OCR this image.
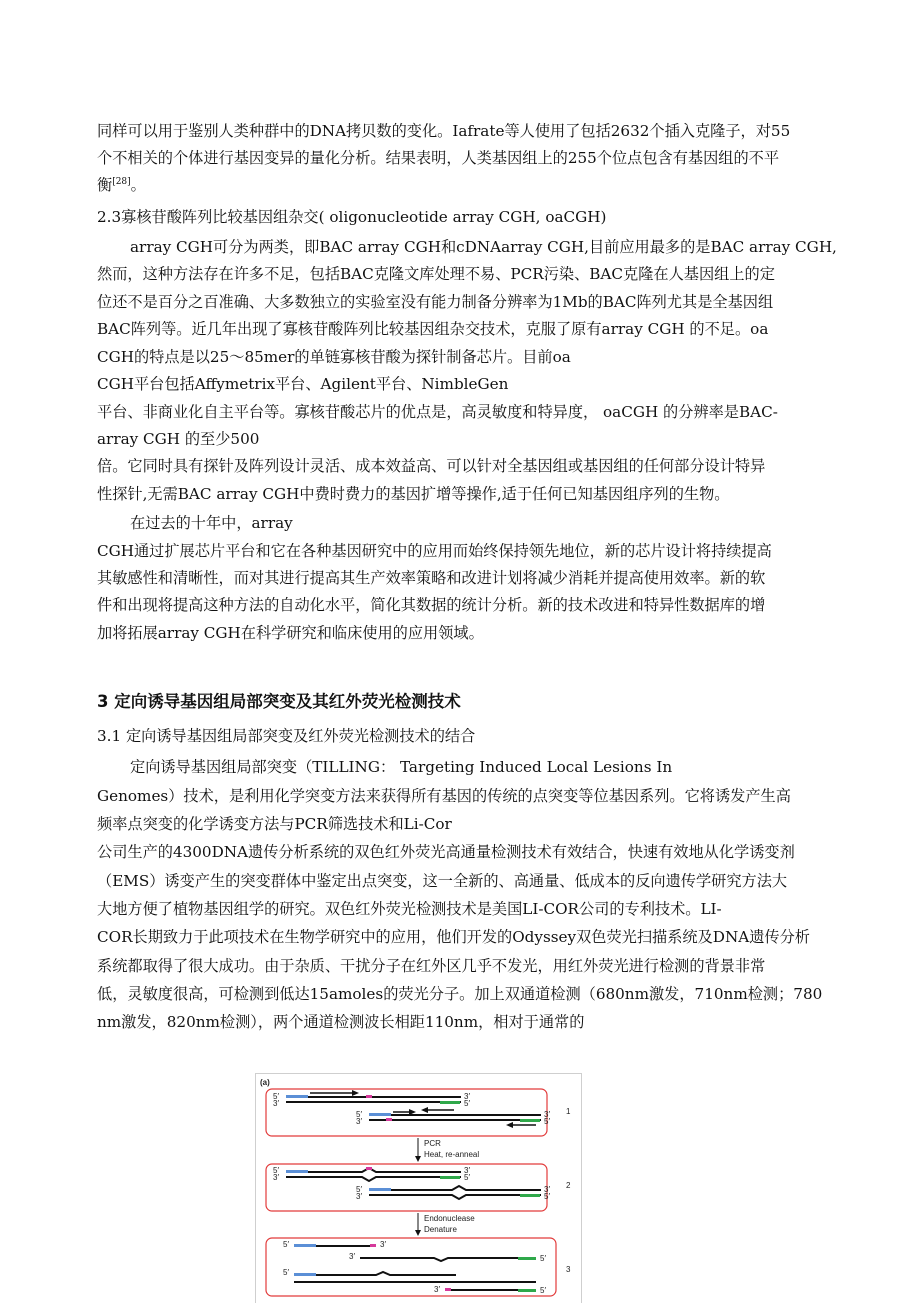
同样可以用于鉴别人类种群中的DNA拷贝数的变化。Iafrate等人使用了包括2632个插入克隆子，对55
个不相关的个体进行基因变异的量化分析。结果表明，人类基因组上的255个位点包含有基因组的不平
衡[28]。
2.3寡核苷酸阵列比较基因组杂交( oligonucleotide array CGH, oaCGH)
array CGH可分为两类，即BAC array CGH和cDNAarray CGH,目前应用最多的是BAC array CGH,
然而，这种方法存在许多不足，包括BAC克隆文库处理不易、PCR污染、BAC克隆在人基因组上的定
位还不是百分之百准确、大多数独立的实验室没有能力制备分辨率为1Mb的BAC阵列尤其是全基因组
BAC阵列等。近几年出现了寡核苷酸阵列比较基因组杂交技术，克服了原有array CGH 的不足。oa
CGH的特点是以25～85mer的单链寡核苷酸为探针制备芯片。目前oa
CGH平台包括Affymetrix平台、Agilent平台、NimbleGen
平台、非商业化自主平台等。寡核苷酸芯片的优点是，高灵敏度和特异度， oaCGH 的分辨率是BAC-
array CGH 的至少500
倍。它同时具有探针及阵列设计灵活、成本效益高、可以针对全基因组或基因组的任何部分设计特异
性探针,无需BAC array CGH中费时费力的基因扩增等操作,适于任何已知基因组序列的生物。
在过去的十年中，array
CGH通过扩展芯片平台和它在各种基因研究中的应用而始终保持领先地位，新的芯片设计将持续提高
其敏感性和清晰性，而对其进行提高其生产效率策略和改进计划将减少消耗并提高使用效率。新的软
件和出现将提高这种方法的自动化水平，简化其数据的统计分析。新的技术改进和特异性数据库的增
加将拓展array CGH在科学研究和临床使用的应用领域。
3 定向诱导基因组局部突变及其红外荧光检测技术
3.1 定向诱导基因组局部突变及红外荧光检测技术的结合
定向诱导基因组局部突变（TILLING： Targeting Induced Local Lesions In
Genomes）技术，是利用化学突变方法来获得所有基因的传统的点突变等位基因系列。它将诱发产生高
频率点突变的化学诱变方法与PCR筛选技术和Li-Cor
公司生产的4300DNA遗传分析系统的双色红外荧光高通量检测技术有效结合，快速有效地从化学诱变剂
（EMS）诱变产生的突变群体中鉴定出点突变，这一全新的、高通量、低成本的反向遗传学研究方法大
大地方便了植物基因组学的研究。双色红外荧光检测技术是美国LI-COR公司的专利技术。LI-
COR长期致力于此项技术在生物学研究中的应用，他们开发的Odyssey双色荧光扫描系统及DNA遗传分析
系统都取得了很大成功。由于杂质、干扰分子在红外区几乎不发光，用红外荧光进行检测的背景非常
低，灵敏度很高，可检测到低达15amoles的荧光分子。加上双通道检测（680nm激发，710nm检测；780
nm激发，820nm检测），两个通道检测波长相距110nm，相对于通常的
(a)
5′
3′
3′
5′
5′
3′
3′
5′
1
PCR
Heat, re-anneal
5′
3′
3′
5′
5′
3′
3′
5′
2
Endonuclease
Denature
5′	3′
3′	5′
5′
3′	5′
3
